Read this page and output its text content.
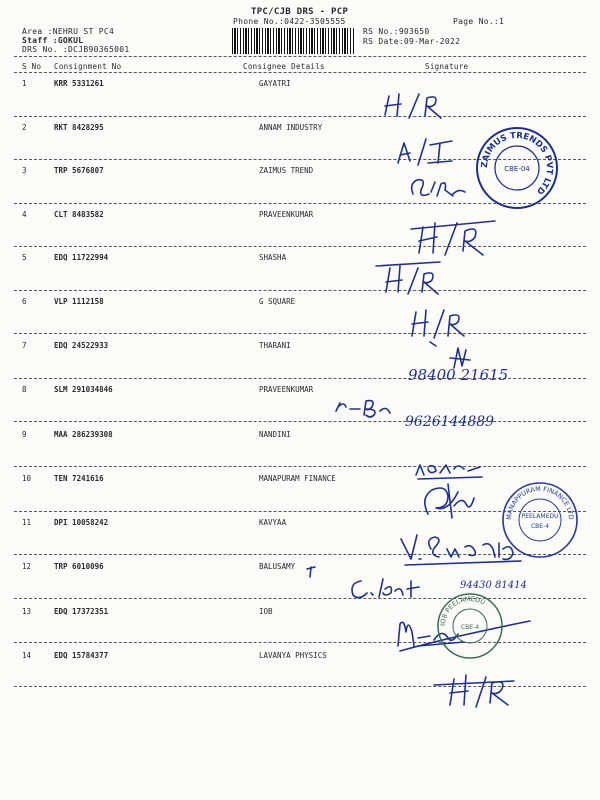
TPC/CJB DRS - PCP
Phone No.:0422-3505555
Area :NEHRU ST PC4
Staff :GOKUL
DRS No. :DCJB90365001
RS No.:903650
RS Date:09-Mar-2022
Page No.:1
S No Consignment No	Consignee Details	Signature
1	KRR 5331261	GAYATRI
2	RKT 8428295	ANNAM INDUSTRY
3	TRP 5676807	ZAIMUS TREND
4	CLT 8483582	PRAVEENKUMAR
5	EDQ 11722994	SHASHA
6	VLP 1112158	G SQUARE
7	EDQ 24522933	THARANI
8	SLM 291034846	PRAVEENKUMAR
9	MAA 286239308	NANDINI
10	TEN 7241616	MANAPURAM FINANCE
11	DPI 10058242	KAVYAA
12	TRP 6010096	BALUSAMY
13	EDQ 17372351	IOB
14	EDQ 15784377	LAVANYA PHYSICS
98400 21615
9626144889
94430 81414
ZAIMUS TRENDS PVT LTD
CBE-04
MANAPPURAM FINANCE LTD
PEELAMEDU
CBE-4
IOB PEELAMEDU
CBE-4
